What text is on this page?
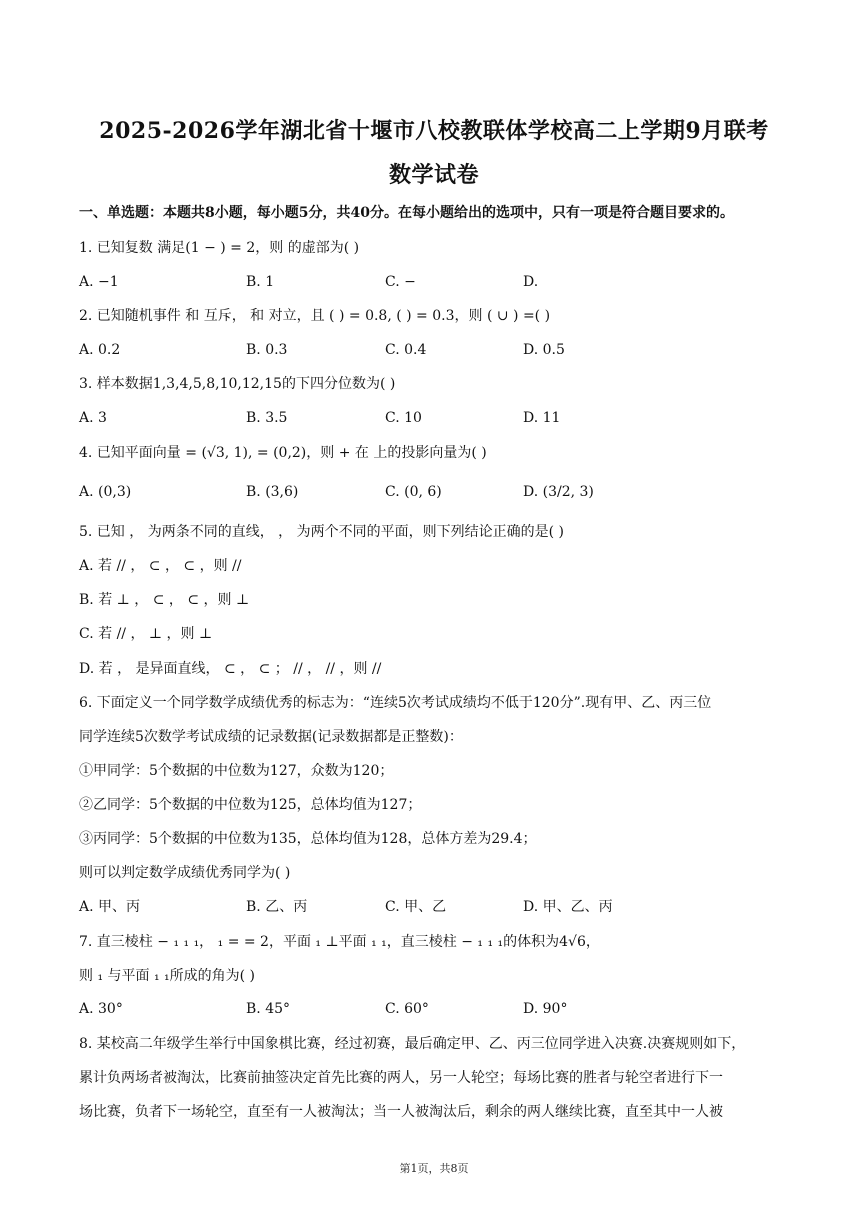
2025-2026学年湖北省十堰市八校教联体学校高二上学期9月联考
数学试卷
一、单选题：本题共8小题，每小题5分，共40分。在每小题给出的选项中，只有一项是符合题目要求的。
1. 已知复数 满足(1 − ) = 2，则 的虚部为( )
A. −1	B. 1	C. −	D.
2. 已知随机事件 和 互斥， 和 对立，且 ( ) = 0.8, ( ) = 0.3，则 ( ∪ ) =( )
A. 0.2	B. 0.3	C. 0.4	D. 0.5
3. 样本数据1,3,4,5,8,10,12,15的下四分位数为( )
A. 3	B. 3.5	C. 10	D. 11
4. 已知平面向量 = (√3, 1), = (0,2)，则 + 在 上的投影向量为( )
A. (0,3)	B. (3,6)	C. (0, 6)	D. (3/2, 3)
5. 已知 ， 为两条不同的直线， ， 为两个不同的平面，则下列结论正确的是( )
A. 若 // ， ⊂ ， ⊂ ，则 //
B. 若 ⊥ ， ⊂ ， ⊂ ，则 ⊥
C. 若 // ， ⊥ ，则 ⊥
D. 若 ， 是异面直线， ⊂ ， ⊂ ； // ， // ，则 //
6. 下面定义一个同学数学成绩优秀的标志为：“连续5次考试成绩均不低于120分”.现有甲、乙、丙三位
同学连续5次数学考试成绩的记录数据(记录数据都是正整数)：
①甲同学：5个数据的中位数为127，众数为120；
②乙同学：5个数据的中位数为125，总体均值为127；
③丙同学：5个数据的中位数为135，总体均值为128，总体方差为29.4；
则可以判定数学成绩优秀同学为( )
A. 甲、丙	B. 乙、丙	C. 甲、乙	D. 甲、乙、丙
7. 直三棱柱 − ₁ ₁ ₁， ₁ = = 2，平面 ₁ ⊥平面 ₁ ₁，直三棱柱 − ₁ ₁ ₁的体积为4√6，
则 ₁ 与平面 ₁ ₁所成的角为( )
A. 30°	B. 45°	C. 60°	D. 90°
8. 某校高二年级学生举行中国象棋比赛，经过初赛，最后确定甲、乙、丙三位同学进入决赛.决赛规则如下，
累计负两场者被淘汰，比赛前抽签决定首先比赛的两人，另一人轮空；每场比赛的胜者与轮空者进行下一
场比赛，负者下一场轮空，直至有一人被淘汰；当一人被淘汰后，剩余的两人继续比赛，直至其中一人被
第1页，共8页
